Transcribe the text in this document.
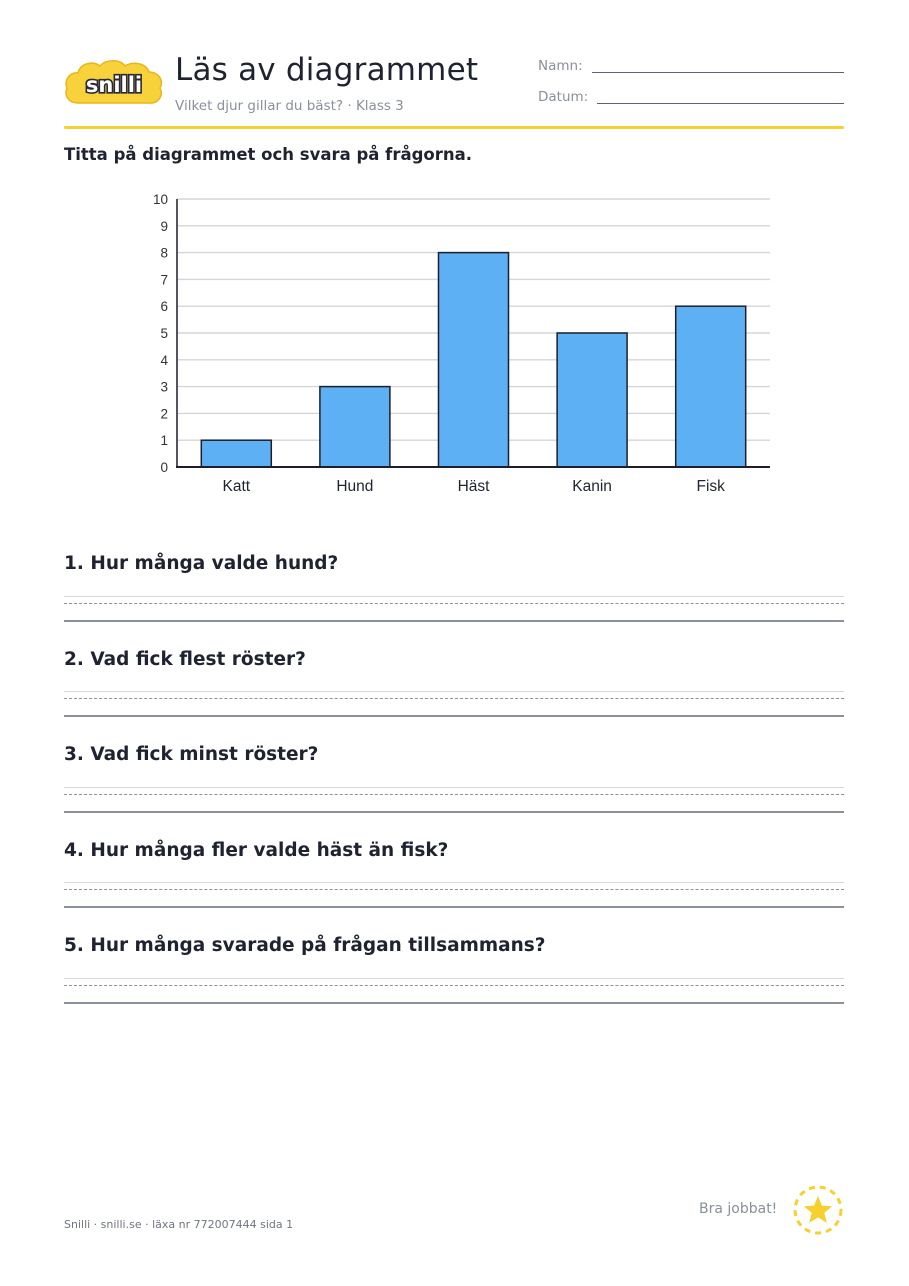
snilli Läs av diagrammet
Vilket djur gillar du bäst? · Klass 3
Namn:
Datum:
Titta på diagrammet och svara på frågorna.
0
1
2
3
4
5
6
7
8
9
10
Katt	Hund	Häst	Kanin	Fisk
1. Hur många valde hund?
2. Vad fick flest röster?
3. Vad fick minst röster?
4. Hur många fler valde häst än fisk?
5. Hur många svarade på frågan tillsammans?
Snilli · snilli.se · läxa nr 772007444 sida 1
Bra jobbat!
